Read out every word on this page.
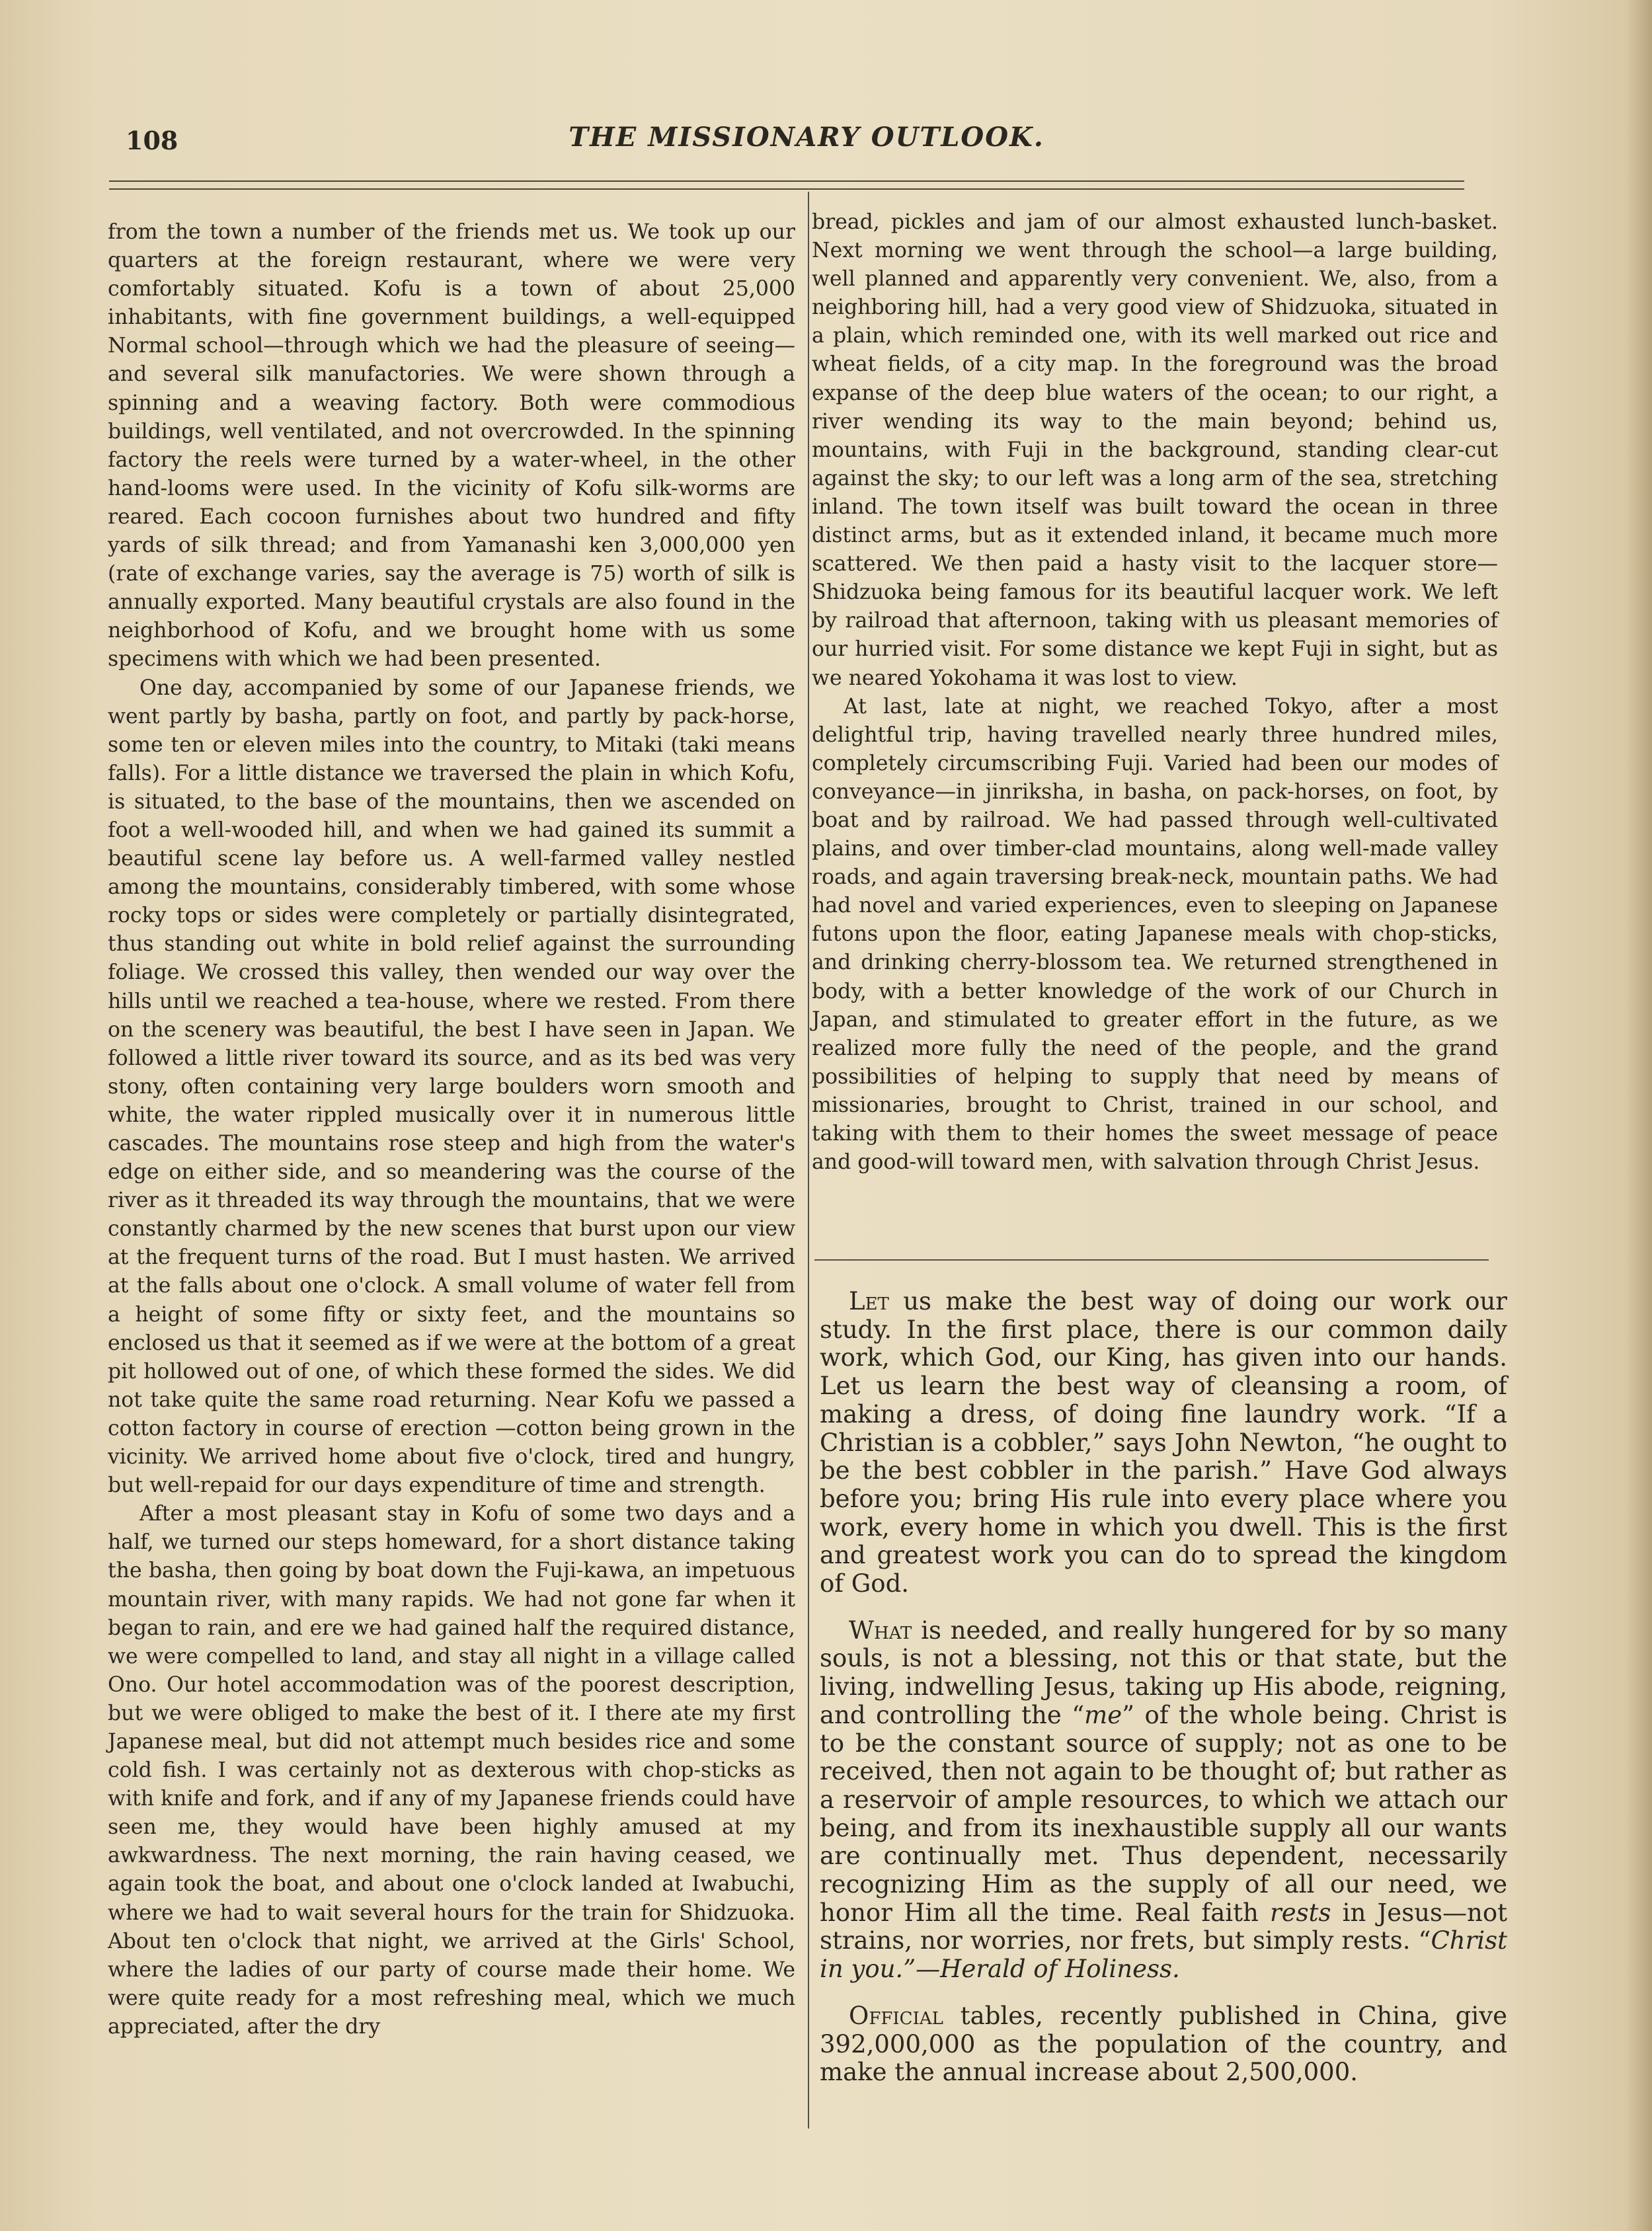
108	THE MISSIONARY OUTLOOK.

from the town a number of the friends met us. We took up our quarters at the foreign restaurant, where we were very comfortably situated. Kofu is a town of about 25,000 inhabitants, with fine government buildings, a well-equipped Normal school—through which we had the pleasure of seeing—and several silk manufactories. We were shown through a spinning and a weaving factory. Both were commodious buildings, well ventilated, and not overcrowded. In the spinning factory the reels were turned by a water-wheel, in the other hand-looms were used. In the vicinity of Kofu silk-worms are reared. Each cocoon furnishes about two hundred and fifty yards of silk thread; and from Yamanashi ken 3,000,000 yen (rate of exchange varies, say the average is 75) worth of silk is annually exported. Many beautiful crystals are also found in the neighborhood of Kofu, and we brought home with us some specimens with which we had been presented.

One day, accompanied by some of our Japanese friends, we went partly by basha, partly on foot, and partly by pack-horse, some ten or eleven miles into the country, to Mitaki (taki means falls). For a little distance we traversed the plain in which Kofu, is situated, to the base of the mountains, then we ascended on foot a well-wooded hill, and when we had gained its summit a beautiful scene lay before us. A well-farmed valley nestled among the mountains, considerably timbered, with some whose rocky tops or sides were completely or partially disintegrated, thus standing out white in bold relief against the surrounding foliage. We crossed this valley, then wended our way over the hills until we reached a tea-house, where we rested. From there on the scenery was beautiful, the best I have seen in Japan. We followed a little river toward its source, and as its bed was very stony, often containing very large boulders worn smooth and white, the water rippled musically over it in numerous little cascades. The mountains rose steep and high from the water's edge on either side, and so meandering was the course of the river as it threaded its way through the mountains, that we were constantly charmed by the new scenes that burst upon our view at the frequent turns of the road. But I must hasten. We arrived at the falls about one o'clock. A small volume of water fell from a height of some fifty or sixty feet, and the mountains so enclosed us that it seemed as if we were at the bottom of a great pit hollowed out of one, of which these formed the sides. We did not take quite the same road returning. Near Kofu we passed a cotton factory in course of erection —cotton being grown in the vicinity. We arrived home about five o'clock, tired and hungry, but well-repaid for our days expenditure of time and strength.

After a most pleasant stay in Kofu of some two days and a half, we turned our steps homeward, for a short distance taking the basha, then going by boat down the Fuji-kawa, an impetuous mountain river, with many rapids. We had not gone far when it began to rain, and ere we had gained half the required distance, we were compelled to land, and stay all night in a village called Ono. Our hotel accommodation was of the poorest description, but we were obliged to make the best of it. I there ate my first Japanese meal, but did not attempt much besides rice and some cold fish. I was certainly not as dexterous with chop-sticks as with knife and fork, and if any of my Japanese friends could have seen me, they would have been highly amused at my awkwardness. The next morning, the rain having ceased, we again took the boat, and about one o'clock landed at Iwabuchi, where we had to wait several hours for the train for Shidzuoka. About ten o'clock that night, we arrived at the Girls' School, where the ladies of our party of course made their home. We were quite ready for a most refreshing meal, which we much appreciated, after the dry

bread, pickles and jam of our almost exhausted lunch-basket. Next morning we went through the school—a large building, well planned and apparently very convenient. We, also, from a neighboring hill, had a very good view of Shidzuoka, situated in a plain, which reminded one, with its well marked out rice and wheat fields, of a city map. In the foreground was the broad expanse of the deep blue waters of the ocean; to our right, a river wending its way to the main beyond; behind us, mountains, with Fuji in the background, standing clear-cut against the sky; to our left was a long arm of the sea, stretching inland. The town itself was built toward the ocean in three distinct arms, but as it extended inland, it became much more scattered. We then paid a hasty visit to the lacquer store—Shidzuoka being famous for its beautiful lacquer work. We left by railroad that afternoon, taking with us pleasant memories of our hurried visit. For some distance we kept Fuji in sight, but as we neared Yokohama it was lost to view.

At last, late at night, we reached Tokyo, after a most delightful trip, having travelled nearly three hundred miles, completely circumscribing Fuji. Varied had been our modes of conveyance—in jinriksha, in basha, on pack-horses, on foot, by boat and by railroad. We had passed through well-cultivated plains, and over timber-clad mountains, along well-made valley roads, and again traversing break-neck, mountain paths. We had had novel and varied experiences, even to sleeping on Japanese futons upon the floor, eating Japanese meals with chop-sticks, and drinking cherry-blossom tea. We returned strengthened in body, with a better knowledge of the work of our Church in Japan, and stimulated to greater effort in the future, as we realized more fully the need of the people, and the grand possibilities of helping to supply that need by means of missionaries, brought to Christ, trained in our school, and taking with them to their homes the sweet message of peace and good-will toward men, with salvation through Christ Jesus.

Let us make the best way of doing our work our study. In the first place, there is our common daily work, which God, our King, has given into our hands. Let us learn the best way of cleansing a room, of making a dress, of doing fine laundry work. “If a Christian is a cobbler,” says John Newton, “he ought to be the best cobbler in the parish.” Have God always before you; bring His rule into every place where you work, every home in which you dwell. This is the first and greatest work you can do to spread the kingdom of God.

What is needed, and really hungered for by so many souls, is not a blessing, not this or that state, but the living, indwelling Jesus, taking up His abode, reigning, and controlling the “me” of the whole being. Christ is to be the constant source of supply; not as one to be received, then not again to be thought of; but rather as a reservoir of ample resources, to which we attach our being, and from its inexhaustible supply all our wants are continually met. Thus dependent, necessarily recognizing Him as the supply of all our need, we honor Him all the time. Real faith rests in Jesus—not strains, nor worries, nor frets, but simply rests. “Christ in you.”—Herald of Holiness.

Official tables, recently published in China, give 392,000,000 as the population of the country, and make the annual increase about 2,500,000.
